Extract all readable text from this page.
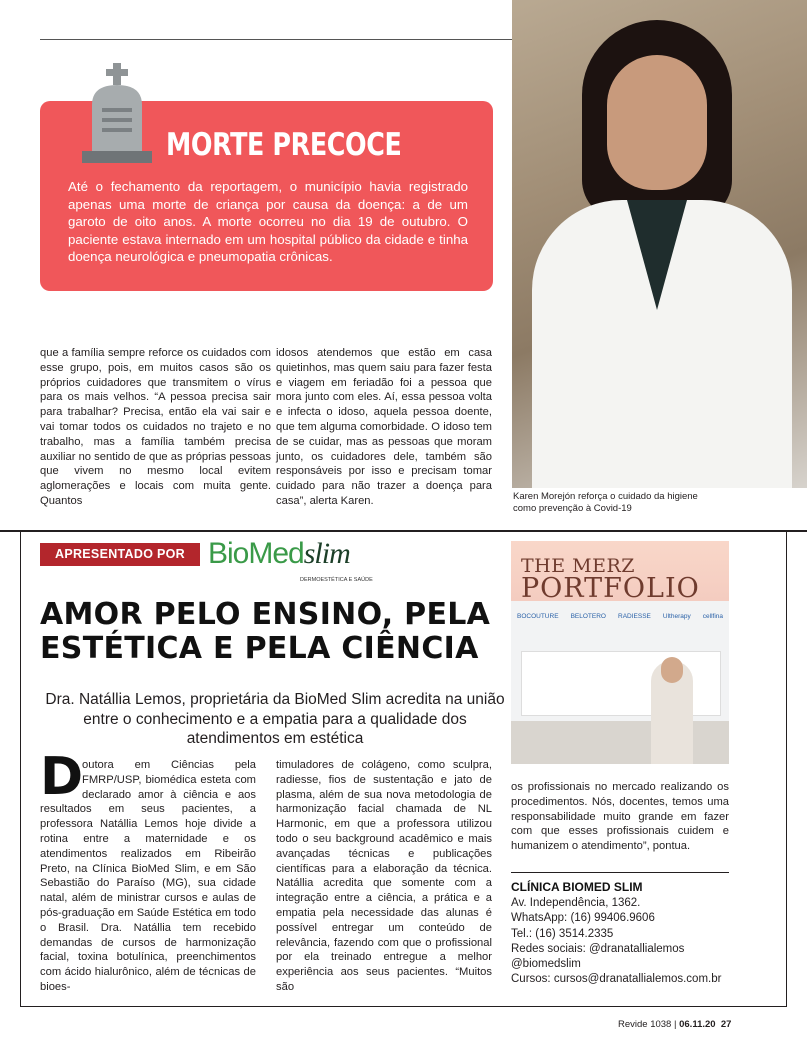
Karen Morejón reforça o cuidado da higiene como prevenção à Covid-19
MORTE PRECOCE
Até o fechamento da reportagem, o município havia registrado apenas uma morte de criança por causa da doença: a de um garoto de oito anos. A morte ocorreu no dia 19 de outubro. O paciente estava internado em um hospital público da cidade e tinha doença neurológica e pneumopatia crônicas.
que a família sempre reforce os cuidados com esse grupo, pois, em muitos casos são os próprios cuidadores que transmitem o vírus para os mais velhos. “A pessoa precisa sair para trabalhar? Precisa, então ela vai sair e vai tomar todos os cuidados no trajeto e no trabalho, mas a família também precisa auxiliar no sentido de que as próprias pessoas que vivem no mesmo local evitem aglomerações e locais com muita gente. Quantos
idosos atendemos que estão em casa quietinhos, mas quem saiu para fazer festa e viagem em feriadão foi a pessoa que mora junto com eles. Aí, essa pessoa volta e infecta o idoso, aquela pessoa doente, que tem alguma comorbidade. O idoso tem de se cuidar, mas as pessoas que moram junto, os cuidadores dele, também são responsáveis por isso e precisam tomar cuidado para não trazer a doença para casa”, alerta Karen.
APRESENTADO POR BioMedslim
DERMOESTÉTICA E SAÚDE
AMOR PELO ENSINO, PELA ESTÉTICA E PELA CIÊNCIA
Dra. Natállia Lemos, proprietária da BioMed Slim acredita na união entre o conhecimento e a empatia para a qualidade dos atendimentos em estética
D
outora em Ciências pela FMRP/USP, biomédica esteta com declarado amor à ciência e aos resultados em seus pacientes, a professora Natállia Lemos hoje divide a rotina entre a maternidade e os atendimentos realizados em Ribeirão Preto, na Clínica BioMed Slim, e em São Sebastião do Paraíso (MG), sua cidade natal, além de ministrar cursos e aulas de pós-graduação em Saúde Estética em todo o Brasil. Dra. Natállia tem recebido demandas de cursos de harmonização facial, toxina botulínica, preenchimentos com ácido hialurônico, além de técnicas de bioes-
timuladores de colágeno, como sculpra, radiesse, fios de sustentação e jato de plasma, além de sua nova metodologia de harmonização facial chamada de NL Harmonic, em que a professora utilizou todo o seu background acadêmico e mais avançadas técnicas e publicações científicas para a elaboração da técnica. Natállia acredita que somente com a integração entre a ciência, a prática e a empatia pela necessidade das alunas é possível entregar um conteúdo de relevância, fazendo com que o profissional por ela treinado entregue a melhor experiência aos seus pacientes. “Muitos são
THE MERZ
PORTFOLIO
BOCOUTURE BELOTERO RADIESSE Ultherapy cellfina
os profissionais no mercado realizando os procedimentos. Nós, docentes, temos uma responsabilidade muito grande em fazer com que esses profissionais cuidem e humanizem o atendimento”, pontua.
CLÍNICA BIOMED SLIM
Av. Independência, 1362.
WhatsApp: (16) 99406.9606
Tel.: (16) 3514.2335
Redes sociais: @dranatallialemos
@biomedslim
Cursos: cursos@dranatallialemos.com.br
Revide 1038 | 06.11.20 27
